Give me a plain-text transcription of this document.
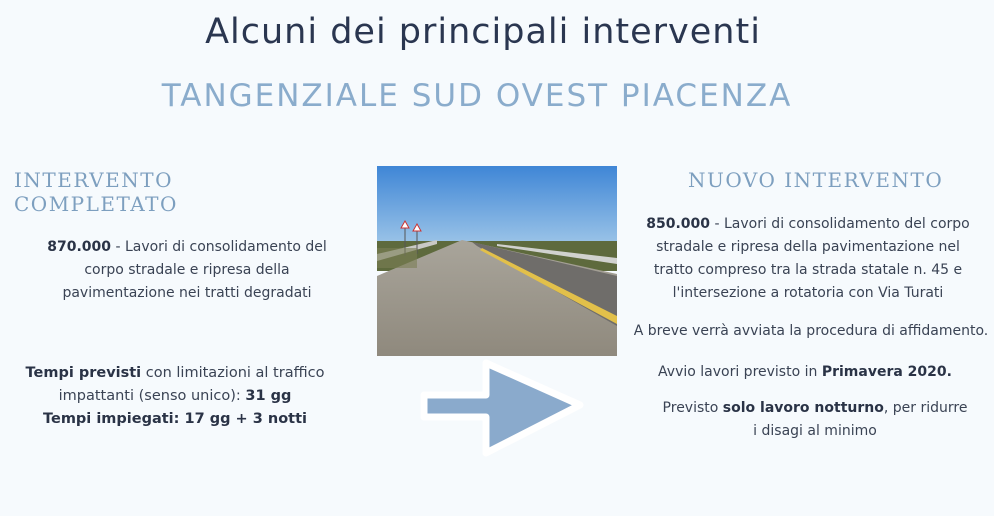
Alcuni dei principali interventi
TANGENZIALE SUD OVEST PIACENZA
INTERVENTO COMPLETATO
NUOVO INTERVENTO
870.000 - Lavori di consolidamento del corpo stradale e ripresa della pavimentazione nei tratti degradati
Tempi previsti con limitazioni al traffico impattanti (senso unico): 31 gg
Tempi impiegati: 17 gg + 3 notti
850.000 - Lavori di consolidamento del corpo stradale e ripresa della pavimentazione nel tratto compreso tra la strada statale n. 45 e l'intersezione a rotatoria con Via Turati
A breve verrà avviata la procedura di affidamento.
Avvio lavori previsto in Primavera 2020.
Previsto solo lavoro notturno, per ridurre i disagi al minimo
